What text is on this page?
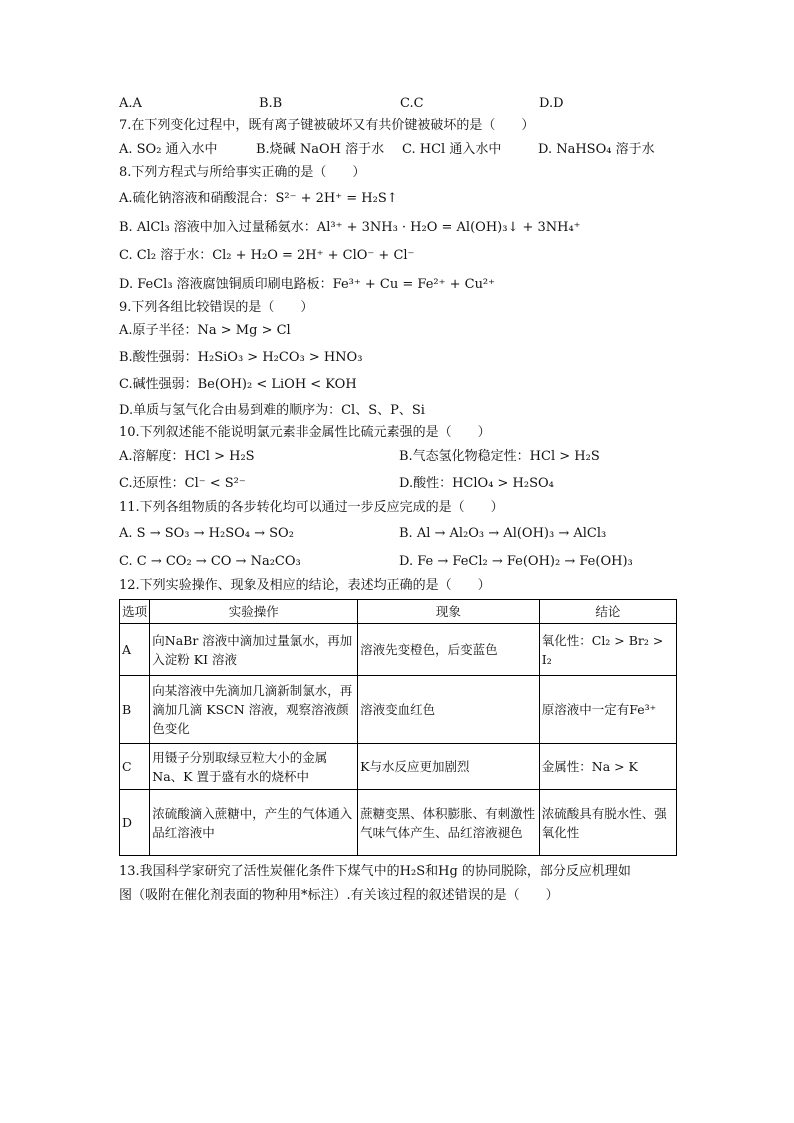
A.A	B.B	C.C	D.D
7.在下列变化过程中，既有离子键被破坏又有共价键被破坏的是（　　）
A. SO₂ 通入水中	B.烧碱 NaOH 溶于水 C. HCl 通入水中	D. NaHSO₄ 溶于水
8.下列方程式与所给事实正确的是（　　）
A.硫化钠溶液和硝酸混合：S²⁻ + 2H⁺ = H₂S↑
B. AlCl₃ 溶液中加入过量稀氨水：Al³⁺ + 3NH₃ · H₂O = Al(OH)₃↓ + 3NH₄⁺
C. Cl₂ 溶于水：Cl₂ + H₂O = 2H⁺ + ClO⁻ + Cl⁻
D. FeCl₃ 溶液腐蚀铜质印刷电路板：Fe³⁺ + Cu = Fe²⁺ + Cu²⁺
9.下列各组比较错误的是（　　）
A.原子半径：Na > Mg > Cl
B.酸性强弱：H₂SiO₃ > H₂CO₃ > HNO₃
C.碱性强弱：Be(OH)₂ < LiOH < KOH
D.单质与氢气化合由易到难的顺序为：Cl、S、P、Si
10.下列叙述能不能说明氯元素非金属性比硫元素强的是（　　）
A.溶解度：HCl > H₂S	B.气态氢化物稳定性：HCl > H₂S
C.还原性：Cl⁻ < S²⁻	D.酸性：HClO₄ > H₂SO₄
11.下列各组物质的各步转化均可以通过一步反应完成的是（　　）
A. S → SO₃ → H₂SO₄ → SO₂	B. Al → Al₂O₃ → Al(OH)₃ → AlCl₃
C. C → CO₂ → CO → Na₂CO₃	D. Fe → FeCl₂ → Fe(OH)₂ → Fe(OH)₃
12.下列实验操作、现象及相应的结论，表述均正确的是（　　）
选项	实验操作	现象	结论
A	向NaBr 溶液中滴加过量氯水，再加入淀粉 KI 溶液	溶液先变橙色，后变蓝色	氧化性：Cl₂ > Br₂ > I₂
B	向某溶液中先滴加几滴新制氯水，再滴加几滴 KSCN 溶液，观察溶液颜色变化	溶液变血红色	原溶液中一定有Fe³⁺
C	用镊子分别取绿豆粒大小的金属Na、K 置于盛有水的烧杯中	K与水反应更加剧烈	金属性：Na > K
D	浓硫酸滴入蔗糖中，产生的气体通入品红溶液中	蔗糖变黑、体积膨胀、有刺激性气味气体产生、品红溶液褪色	浓硫酸具有脱水性、强氧化性
13.我国科学家研究了活性炭催化条件下煤气中的H₂S和Hg 的协同脱除，部分反应机理如
图（吸附在催化剂表面的物种用*标注）.有关该过程的叙述错误的是（　　）
